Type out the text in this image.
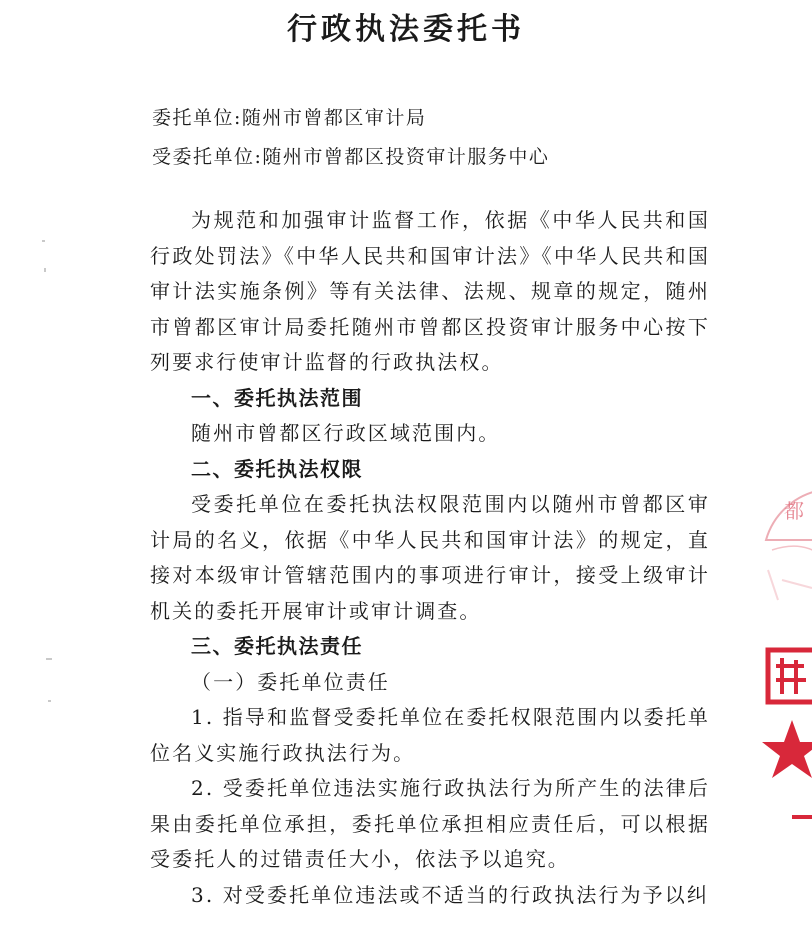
行政执法委托书

委托单位:随州市曾都区审计局

受委托单位:随州市曾都区投资审计服务中心

为规范和加强审计监督工作，依据《中华人民共和国行政处罚法》《中华人民共和国审计法》《中华人民共和国审计法实施条例》等有关法律、法规、规章的规定，随州市曾都区审计局委托随州市曾都区投资审计服务中心按下列要求行使审计监督的行政执法权。

一、委托执法范围

随州市曾都区行政区域范围内。

二、委托执法权限

受委托单位在委托执法权限范围内以随州市曾都区审计局的名义，依据《中华人民共和国审计法》的规定，直接对本级审计管辖范围内的事项进行审计，接受上级审计机关的委托开展审计或审计调查。

三、委托执法责任

（一）委托单位责任

1. 指导和监督受委托单位在委托权限范围内以委托单位名义实施行政执法行为。

2. 受委托单位违法实施行政执法行为所产生的法律后果由委托单位承担，委托单位承担相应责任后，可以根据受委托人的过错责任大小，依法予以追究。

3. 对受委托单位违法或不适当的行政执法行为予以纠

都
